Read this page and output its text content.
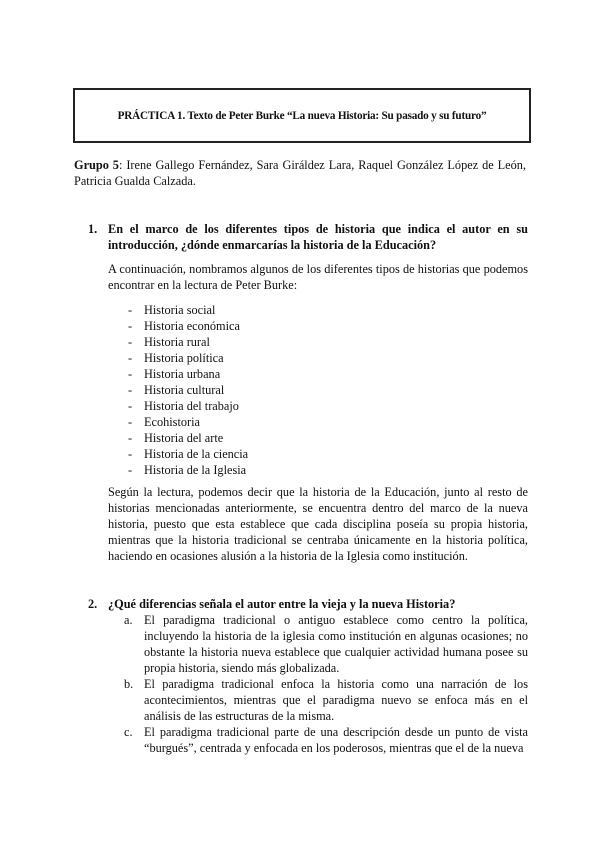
PRÁCTICA 1. Texto de Peter Burke “La nueva Historia: Su pasado y su futuro”
Grupo 5: Irene Gallego Fernández, Sara Giráldez Lara, Raquel González López de León, Patricia Gualda Calzada.
1. En el marco de los diferentes tipos de historia que indica el autor en su introducción, ¿dónde enmarcarías la historia de la Educación?
A continuación, nombramos algunos de los diferentes tipos de historias que podemos encontrar en la lectura de Peter Burke:
- Historia social
- Historia económica
- Historia rural
- Historia política
- Historia urbana
- Historia cultural
- Historia del trabajo
- Ecohistoria
- Historia del arte
- Historia de la ciencia
- Historia de la Iglesia
Según la lectura, podemos decir que la historia de la Educación, junto al resto de historias mencionadas anteriormente, se encuentra dentro del marco de la nueva historia, puesto que esta establece que cada disciplina poseía su propia historia, mientras que la historia tradicional se centraba únicamente en la historia política, haciendo en ocasiones alusión a la historia de la Iglesia como institución.
2. ¿Qué diferencias señala el autor entre la vieja y la nueva Historia?
a. El paradigma tradicional o antiguo establece como centro la política, incluyendo la historia de la iglesia como institución en algunas ocasiones; no obstante la historia nueva establece que cualquier actividad humana posee su propia historia, siendo más globalizada.
b. El paradigma tradicional enfoca la historia como una narración de los acontecimientos, mientras que el paradigma nuevo se enfoca más en el análisis de las estructuras de la misma.
c. El paradigma tradicional parte de una descripción desde un punto de vista “burgués”, centrada y enfocada en los poderosos, mientras que el de la nueva
